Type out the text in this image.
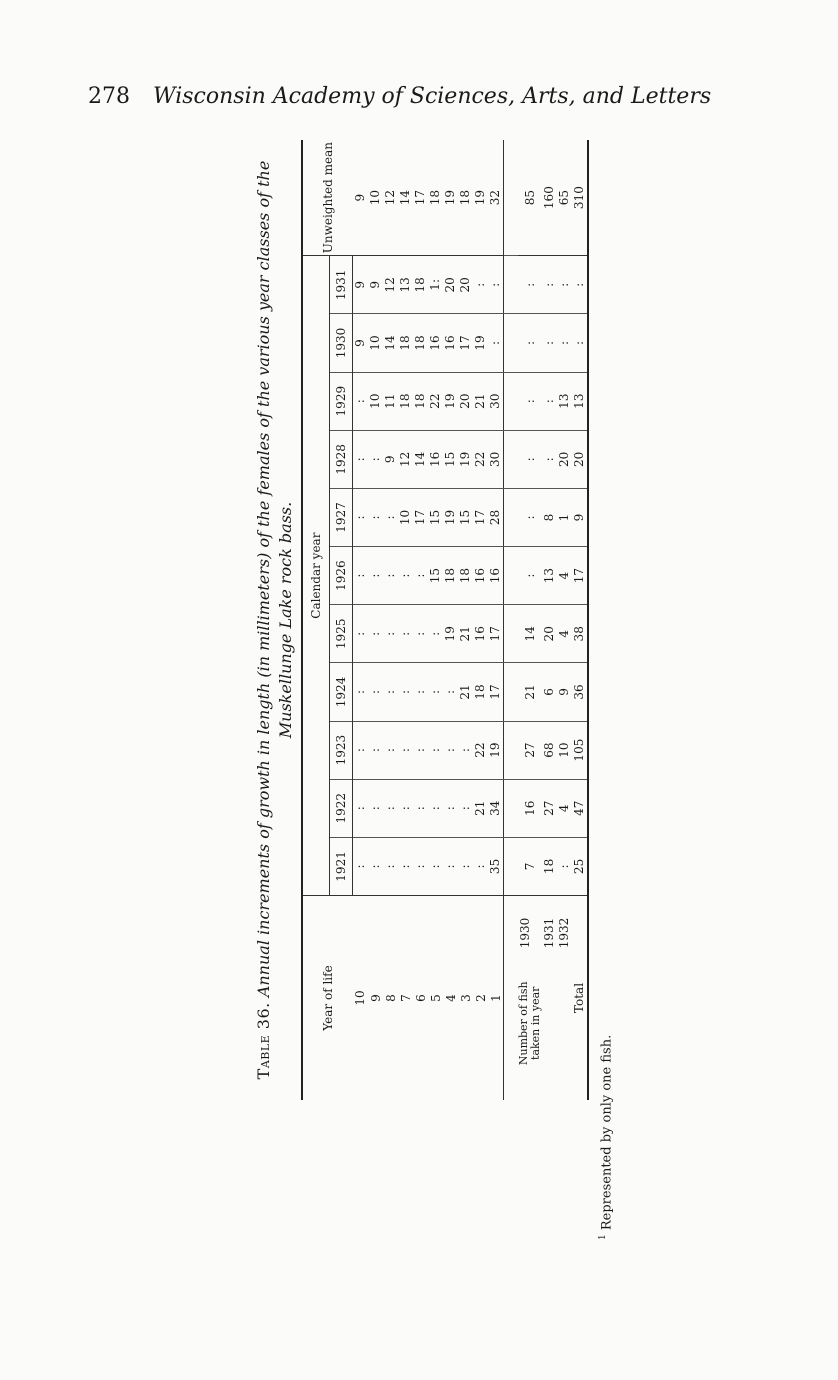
278 Wisconsin Academy of Sciences, Arts, and Letters
Table 36. Annual increments of growth in length (in millimeters) of the females of the various year classes of the Muskellunge Lake rock bass.
Year of life	Calendar year											Unweighted mean
	1921	1922	1923	1924	1925	1926	1927	1928	1929	1930	1931	
10	:	:	:	:	:	:	:	:	:	9	9	9
9	:	:	:	:	:	:	:	:	10	10	9	10
8	:	:	:	:	:	:	:	9	11	14	12	12
7	:	:	:	:	:	:	10	12	18	18	13	14
6	:	:	:	:	:	:	17	14	18	18	18	17
5	:	:	:	:	:	15	15	16	22	16	1:	18
4	:	:	:	:	19	18	19	15	19	16	20	19
3	:	:	:	21	21	18	15	19	20	17	20	18
2	:	21	22	18	16	16	17	22	21	19	:	19
1	35	34	19	17	17	16	28	30	30	:	:	32

Number of fish taken in year1930	7	16	27	21	14	:	:	:	:	:	:	85
1931	18	27	68	6	20	13	8	:	:	:	:	160
1932	:	4	10	9	4	4	1	20	13	:	:	65
Total	25	47	105	36	38	17	9	20	13	:	:	310
$^1$ Represented by only one fish.
